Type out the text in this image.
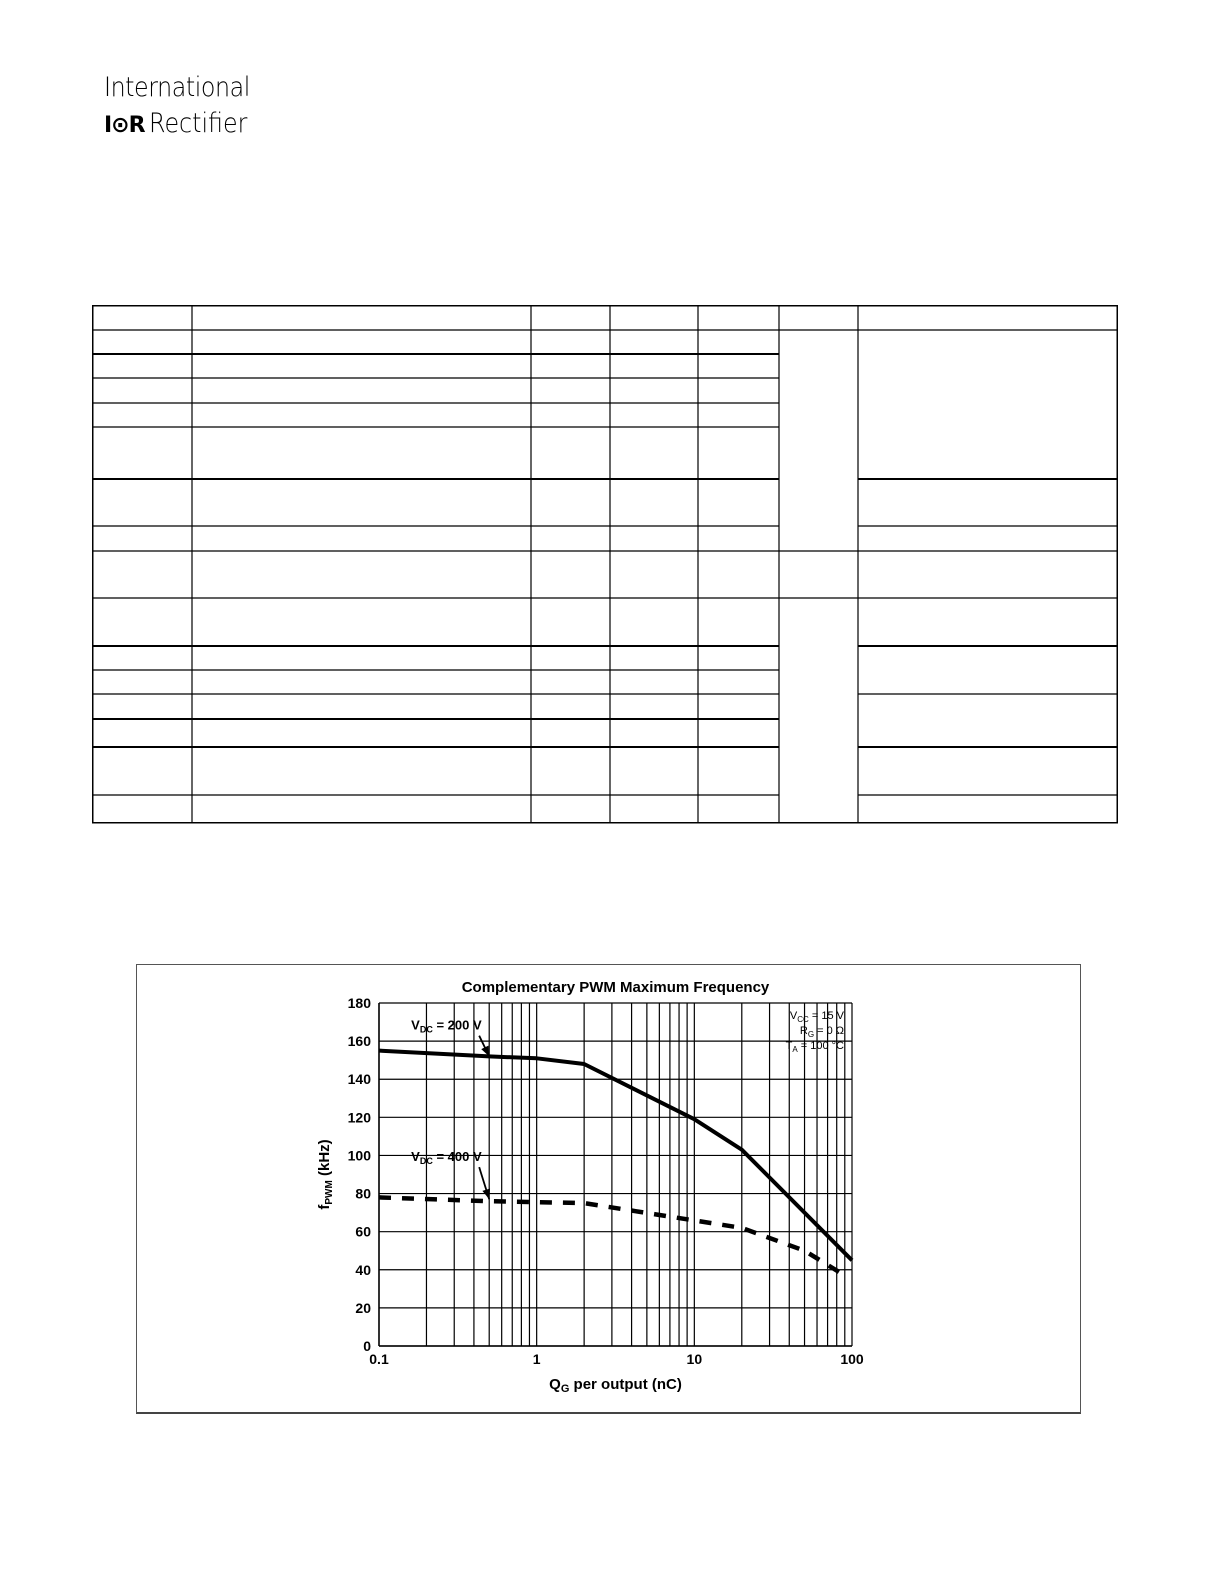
International
I⊙R Rectifier
0
20
40
60
80
100
120
140
160
180
0.1	1	10	100
$V_{DC} = 200$ V
$V_{DC} = 400$ V
$V_{CC} = 15$ V
$R_G = 0$ Ω
$T_A = 100$ °C
Complementary PWM Maximum Frequency
$Q_G$ per output (nC)
$f_{PWM}$ (kHz)
